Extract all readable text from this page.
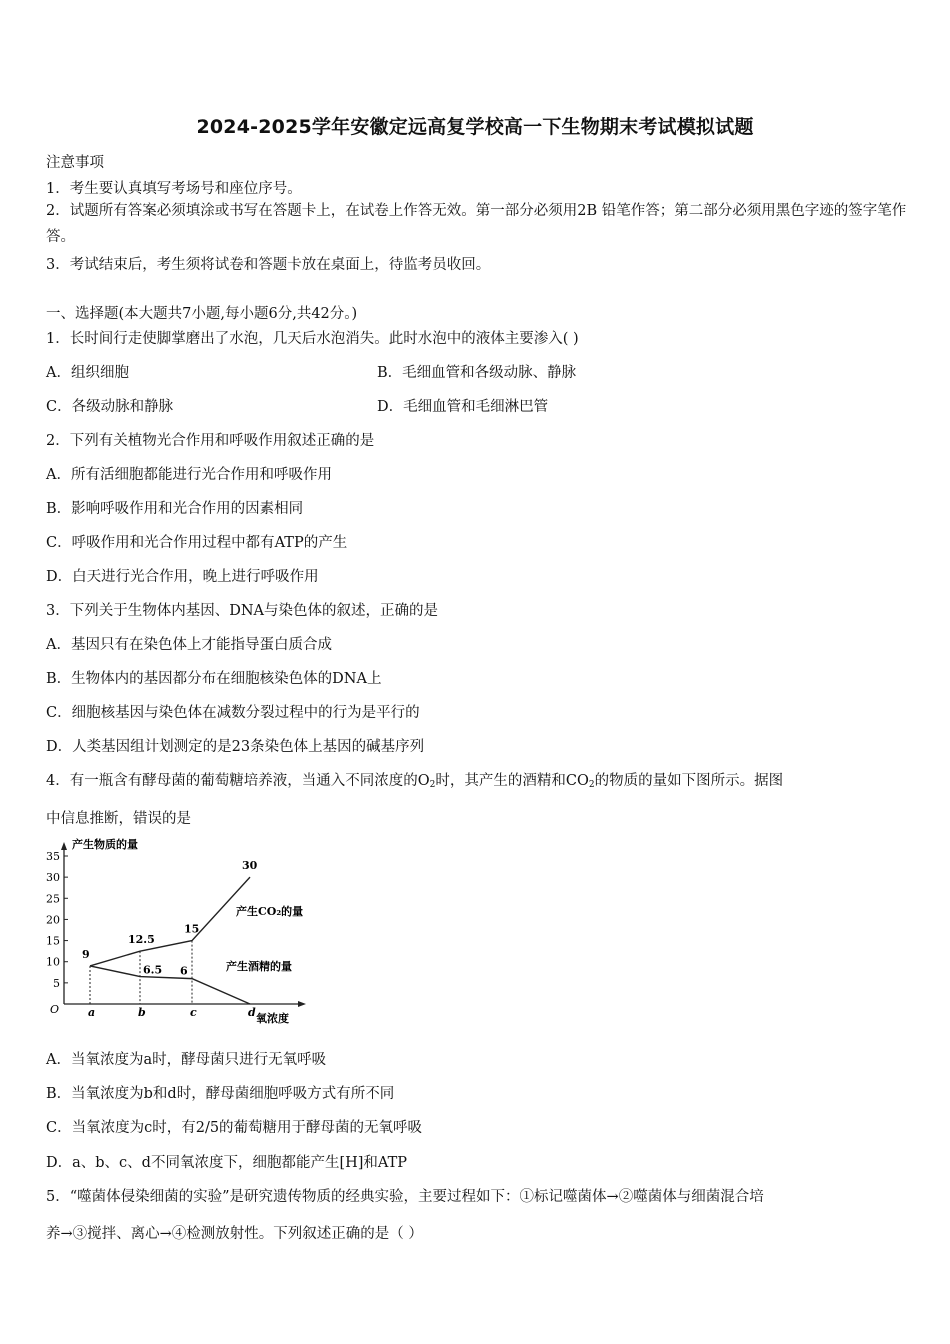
2024-2025学年安徽定远高复学校高一下生物期末考试模拟试题
注意事项
1．考生要认真填写考场号和座位序号。
2．试题所有答案必须填涂或书写在答题卡上，在试卷上作答无效。第一部分必须用2B 铅笔作答；第二部分必须用黑色字迹的签字笔作答。
3．考试结束后，考生须将试卷和答题卡放在桌面上，待监考员收回。
一、选择题(本大题共7小题,每小题6分,共42分。)
1．长时间行走使脚掌磨出了水泡，几天后水泡消失。此时水泡中的液体主要渗入( )
A．组织细胞	B．毛细血管和各级动脉、静脉
C．各级动脉和静脉	D．毛细血管和毛细淋巴管
2．下列有关植物光合作用和呼吸作用叙述正确的是
A．所有活细胞都能进行光合作用和呼吸作用
B．影响呼吸作用和光合作用的因素相同
C．呼吸作用和光合作用过程中都有ATP的产生
D．白天进行光合作用，晚上进行呼吸作用
3．下列关于生物体内基因、DNA与染色体的叙述，正确的是
A．基因只有在染色体上才能指导蛋白质合成
B．生物体内的基因都分布在细胞核染色体的DNA上
C．细胞核基因与染色体在减数分裂过程中的行为是平行的
D．人类基因组计划测定的是23条染色体上基因的碱基序列
4．有一瓶含有酵母菌的葡萄糖培养液，当通入不同浓度的$O_2$时，其产生的酒精和$CO_2$的物质的量如下图所示。据图
中信息推断，错误的是
产生物质的量
氧浓度
O
5
10
15
20
25
30
35
a	b	c	d
9
12.5
15
30
6.5 6
产生CO₂的量
产生酒精的量
A．当氧浓度为a时，酵母菌只进行无氧呼吸
B．当氧浓度为b和d时，酵母菌细胞呼吸方式有所不同
C．当氧浓度为c时，有2/5的葡萄糖用于酵母菌的无氧呼吸
D．a、b、c、d不同氧浓度下，细胞都能产生[H]和ATP
5．“噬菌体侵染细菌的实验”是研究遗传物质的经典实验，主要过程如下：①标记噬菌体→②噬菌体与细菌混合培
养→③搅拌、离心→④检测放射性。下列叙述正确的是（ ）
